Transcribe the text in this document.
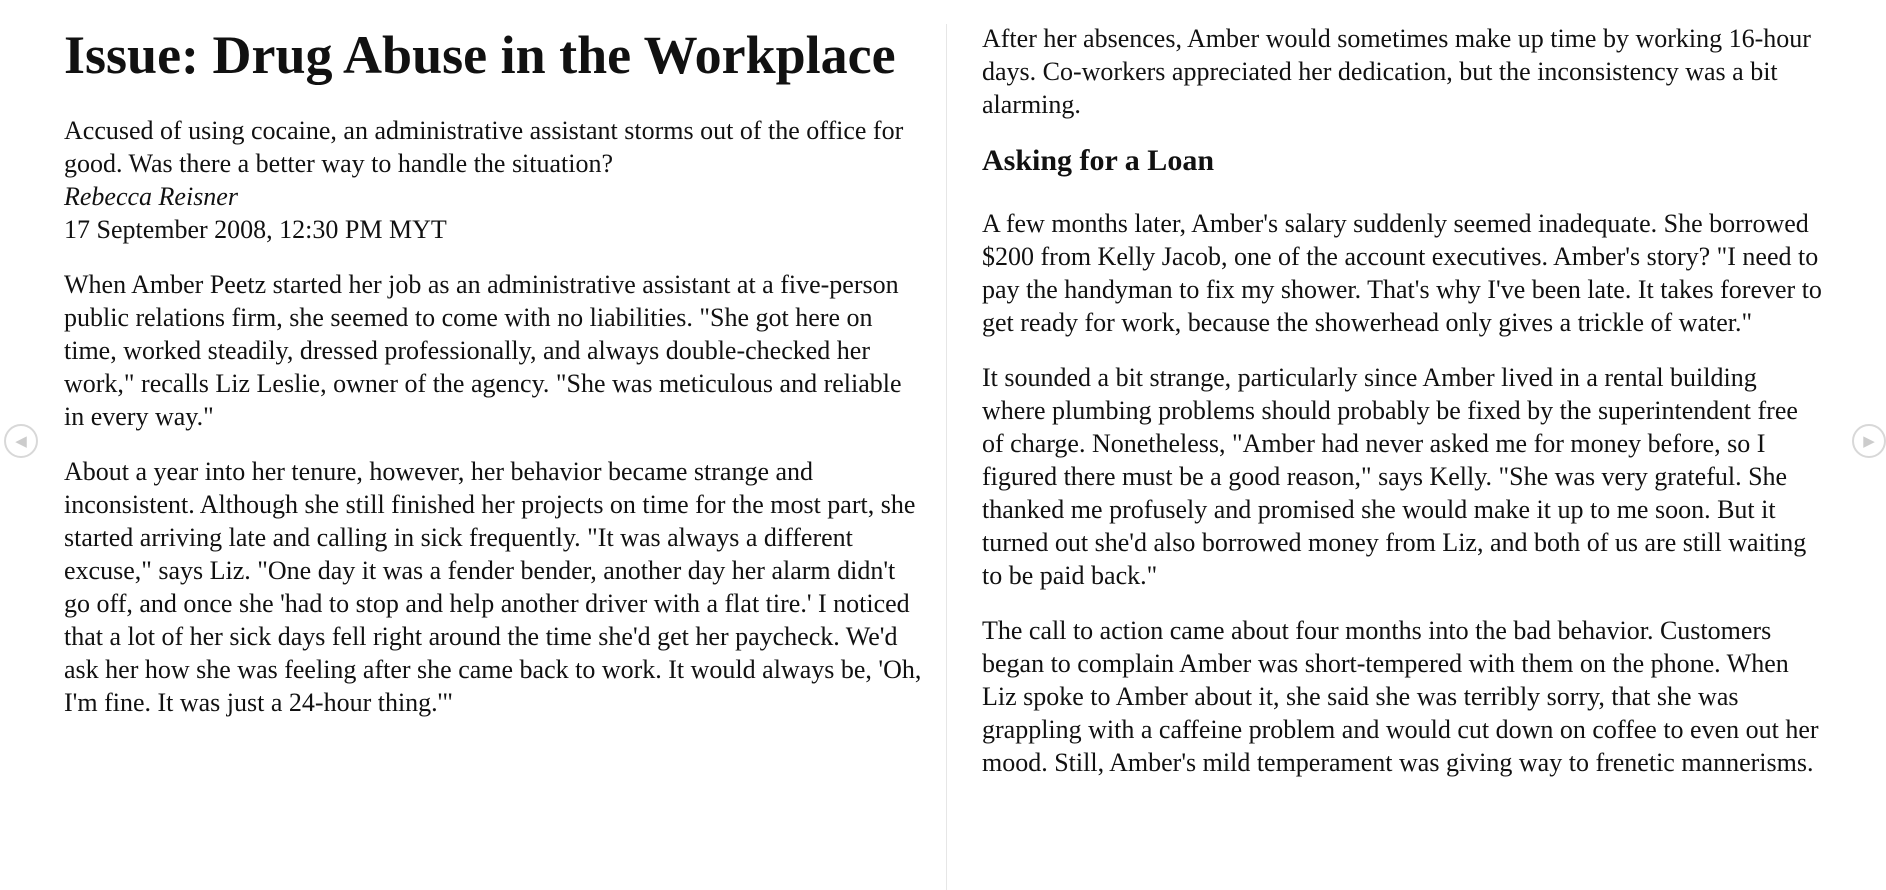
◀
Issue: Drug Abuse in the Workplace
Accused of using cocaine, an administrative assistant storms out of the office for good. Was there a better way to handle the situation?
Rebecca Reisner
17 September 2008, 12:30 PM MYT

When Amber Peetz started her job as an administrative assistant at a five-person public relations firm, she seemed to come with no liabilities. "She got here on time, worked steadily, dressed professionally, and always double-checked her work," recalls Liz Leslie, owner of the agency. "She was meticulous and reliable in every way."

About a year into her tenure, however, her behavior became strange and inconsistent. Although she still finished her projects on time for the most part, she started arriving late and calling in sick frequently. "It was always a different excuse," says Liz. "One day it was a fender bender, another day her alarm didn't go off, and once she 'had to stop and help another driver with a flat tire.' I noticed that a lot of her sick days fell right around the time she'd get her paycheck. We'd ask her how she was feeling after she came back to work. It would always be, 'Oh, I'm fine. It was just a 24-hour thing.'"

After her absences, Amber would sometimes make up time by working 16-hour days. Co-workers appreciated her dedication, but the inconsistency was a bit alarming.

Asking for a Loan

A few months later, Amber's salary suddenly seemed inadequate. She borrowed $200 from Kelly Jacob, one of the account executives. Amber's story? "I need to pay the handyman to fix my shower. That's why I've been late. It takes forever to get ready for work, because the showerhead only gives a trickle of water."

It sounded a bit strange, particularly since Amber lived in a rental building where plumbing problems should probably be fixed by the superintendent free of charge. Nonetheless, "Amber had never asked me for money before, so I figured there must be a good reason," says Kelly. "She was very grateful. She thanked me profusely and promised she would make it up to me soon. But it turned out she'd also borrowed money from Liz, and both of us are still waiting to be paid back."

The call to action came about four months into the bad behavior. Customers began to complain Amber was short-tempered with them on the phone. When Liz spoke to Amber about it, she said she was terribly sorry, that she was grappling with a caffeine problem and would cut down on coffee to even out her mood. Still, Amber's mild temperament was giving way to frenetic mannerisms.

▶
